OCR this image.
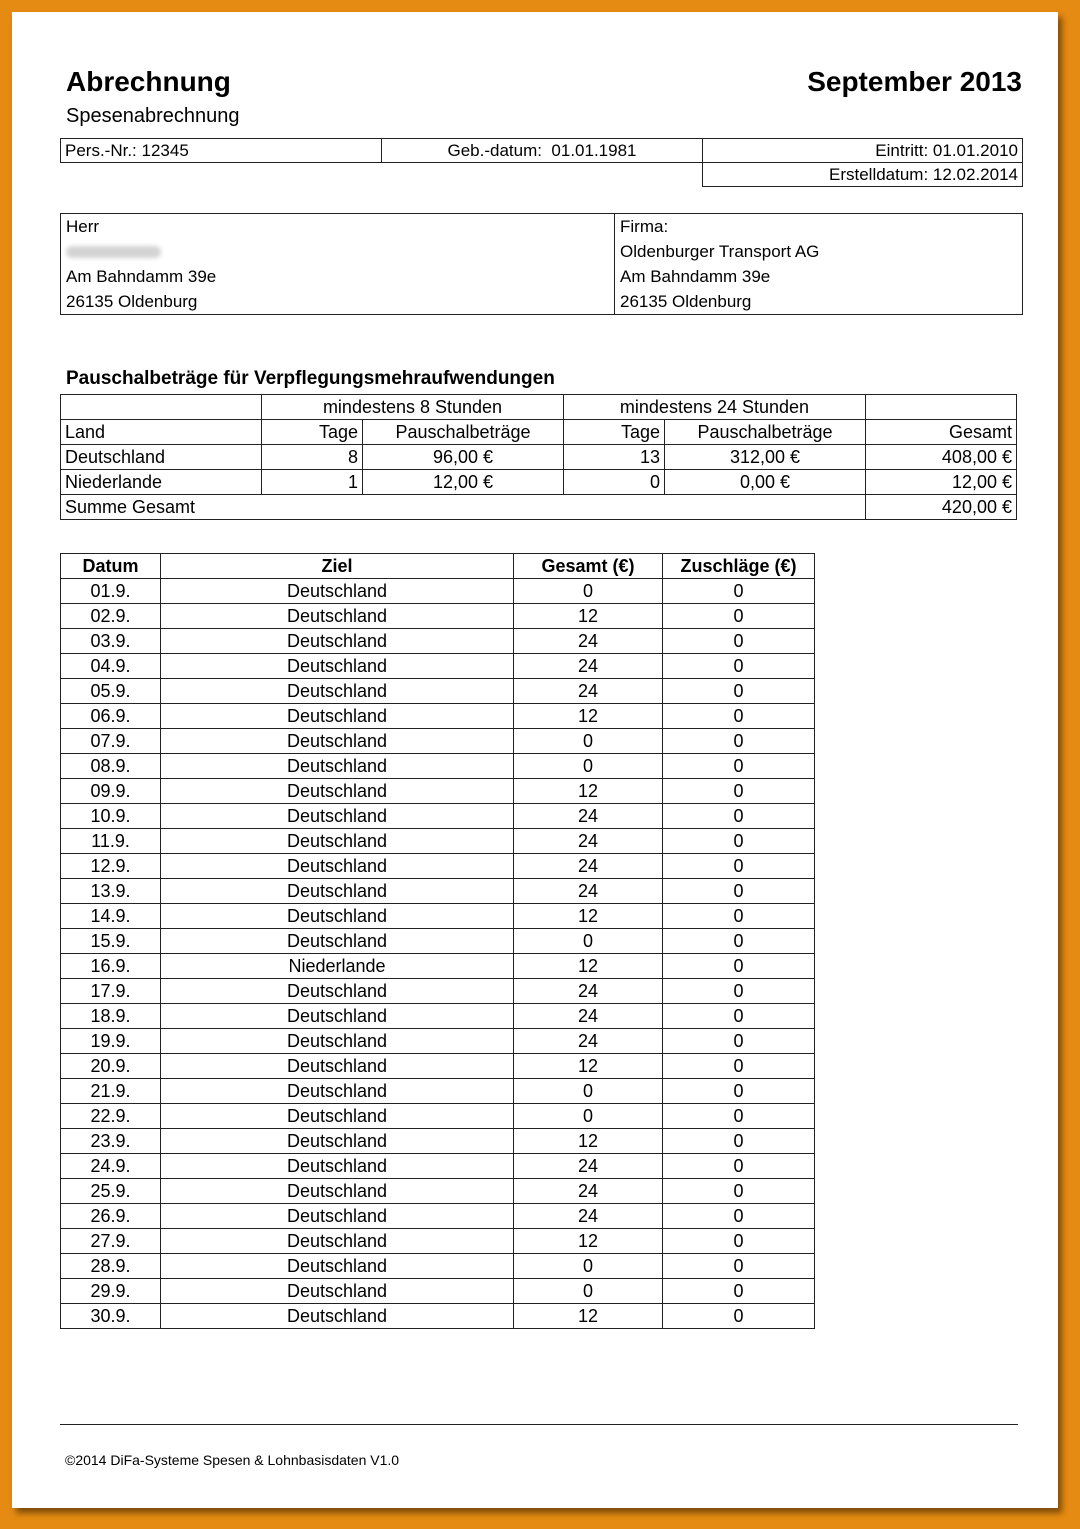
Abrechnung	September 2013
Spesenabrechnung
Pers.-Nr.: 12345	Geb.-datum: 01.01.1981	Eintritt: 01.01.2010
		Erstelldatum: 12.02.2014
Herr
Am Bahndamm 39e
26135 Oldenburg

Firma:
Oldenburger Transport AG
Am Bahndamm 39e
26135 Oldenburg
Pauschalbeträge für Verpflegungsmehraufwendungen
	mindestens 8 Stunden		mindestens 24 Stunden		
Land	Tage	Pauschalbeträge	Tage	Pauschalbeträge	Gesamt
Deutschland	8	96,00 €	13	312,00 €	408,00 €
Niederlande	1	12,00 €	0	0,00 €	12,00 €
Summe Gesamt					420,00 €
Datum	Ziel	Gesamt (€)	Zuschläge (€)
01.9.	Deutschland	0	0
02.9.	Deutschland	12	0
03.9.	Deutschland	24	0
04.9.	Deutschland	24	0
05.9.	Deutschland	24	0
06.9.	Deutschland	12	0
07.9.	Deutschland	0	0
08.9.	Deutschland	0	0
09.9.	Deutschland	12	0
10.9.	Deutschland	24	0
11.9.	Deutschland	24	0
12.9.	Deutschland	24	0
13.9.	Deutschland	24	0
14.9.	Deutschland	12	0
15.9.	Deutschland	0	0
16.9.	Niederlande	12	0
17.9.	Deutschland	24	0
18.9.	Deutschland	24	0
19.9.	Deutschland	24	0
20.9.	Deutschland	12	0
21.9.	Deutschland	0	0
22.9.	Deutschland	0	0
23.9.	Deutschland	12	0
24.9.	Deutschland	24	0
25.9.	Deutschland	24	0
26.9.	Deutschland	24	0
27.9.	Deutschland	12	0
28.9.	Deutschland	0	0
29.9.	Deutschland	0	0
30.9.	Deutschland	12	0
©2014 DiFa-Systeme Spesen & Lohnbasisdaten V1.0
